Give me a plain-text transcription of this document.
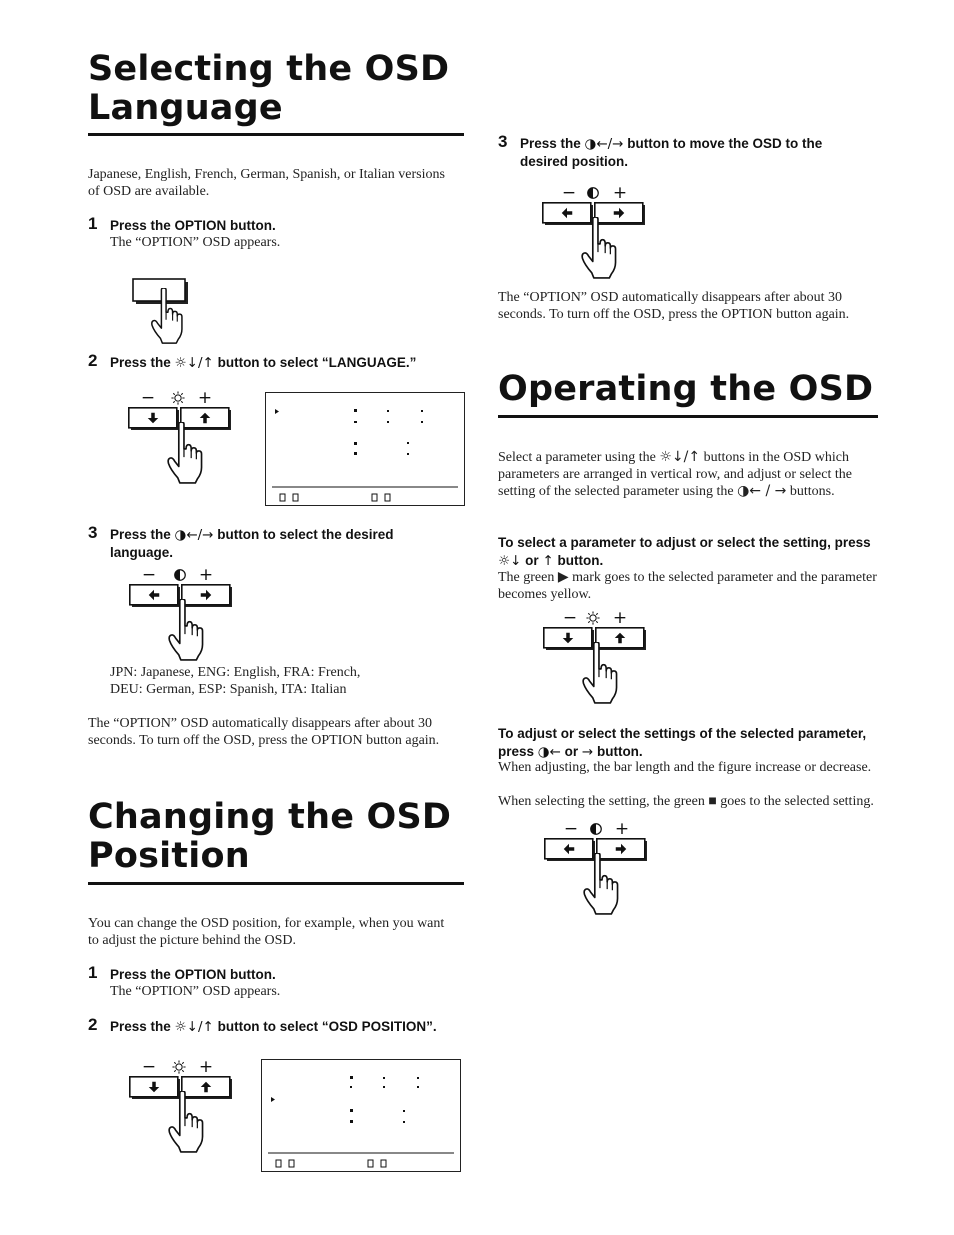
Selecting the OSD Language
Japanese, English, French, German, Spanish, or Italian versions of OSD are available.
1 Press the OPTION button.
The “OPTION” OSD appears.
2 Press the ☼↓/↑ button to select “LANGUAGE.”
−	+
3 Press the ◑←/→ button to select the desired language.
−	+
JPN: Japanese, ENG: English, FRA: French,
DEU: German, ESP: Spanish, ITA: Italian
The “OPTION” OSD automatically disappears after about 30 seconds. To turn off the OSD, press the OPTION button again.
Changing the OSD Position
You can change the OSD position, for example, when you want to adjust the picture behind the OSD.
1 Press the OPTION button.
The “OPTION” OSD appears.
2 Press the ☼↓/↑ button to select “OSD POSITION”.
−	+
3 Press the ◑←/→ button to move the OSD to the desired position.
− +
The “OPTION” OSD automatically disappears after about 30 seconds. To turn off the OSD, press the OPTION button again.
Operating the OSD
Select a parameter using the ☼↓/↑ buttons in the OSD which parameters are arranged in vertical row, and adjust or select the setting of the selected parameter using the ◑← / → buttons.
To select a parameter to adjust or select the setting, press ☼↓ or ↑ button.
The green ▶ mark goes to the selected parameter and the parameter becomes yellow.
− +
To adjust or select the settings of the selected parameter, press ◑← or → button.
When adjusting, the bar length and the figure increase or decrease.
When selecting the setting, the green ■ goes to the selected setting.
− +
